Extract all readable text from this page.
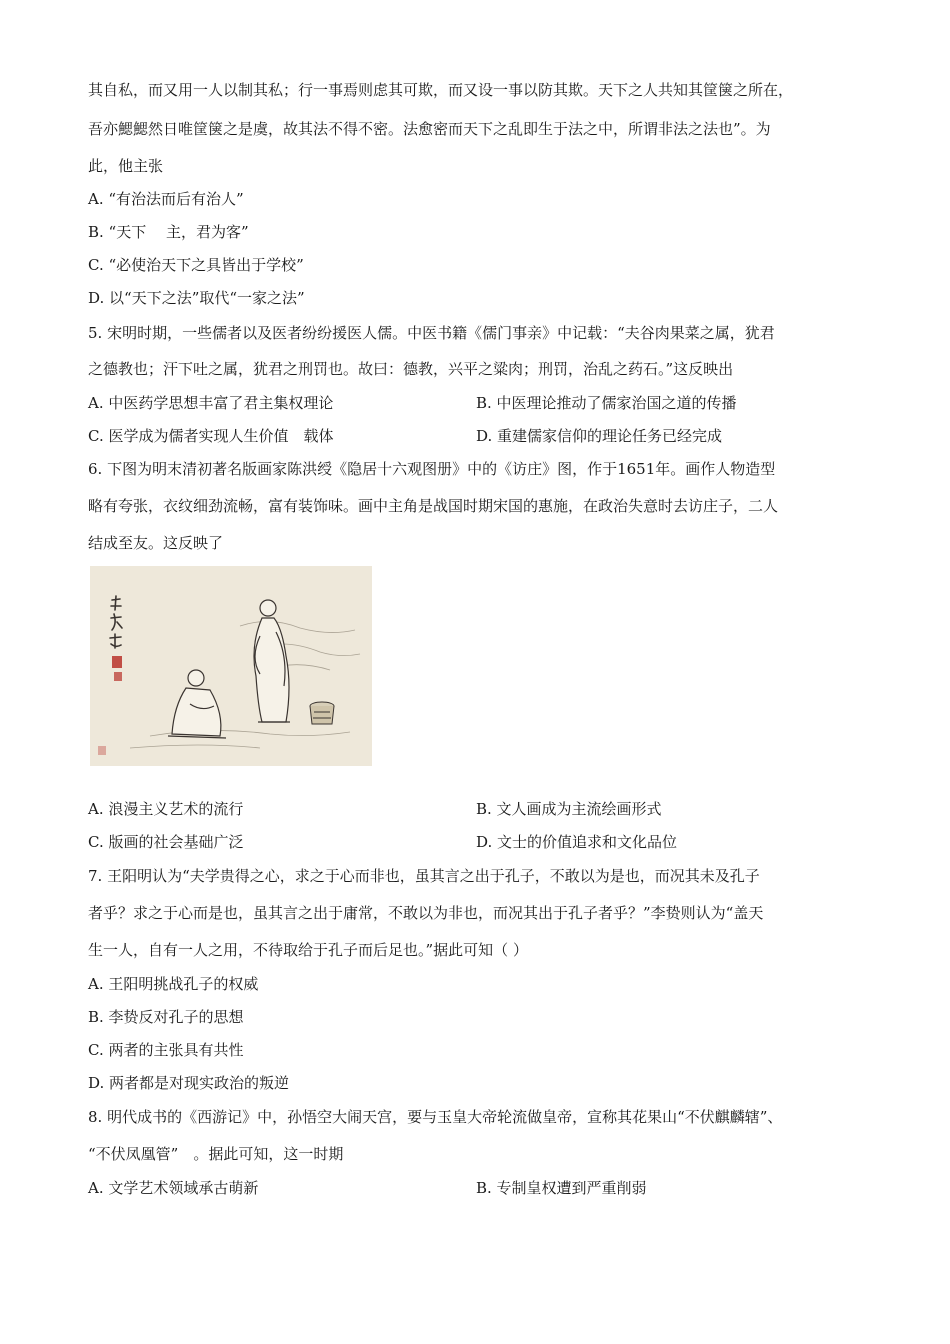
其自私，而又用一人以制其私；行一事焉则虑其可欺，而又设一事以防其欺。天下之人共知其筐箧之所在，
吾亦鰓鰓然日唯筐箧之是虞，故其法不得不密。法愈密而天下之乱即生于法之中，所谓非法之法也”。为
此，他主张
A. “有治法而后有治人”
B. “天下　 主，君为客”
C. “必使治天下之具皆出于学校”
D. 以“天下之法”取代“一家之法”
5. 宋明时期，一些儒者以及医者纷纷援医人儒。中医书籍《儒门事亲》中记载：“夫谷肉果菜之属，犹君
之德教也；汗下吐之属，犹君之刑罚也。故曰：德教，兴平之粱肉；刑罚，治乱之药石。”这反映出
A. 中医药学思想丰富了君主集权理论	B. 中医理论推动了儒家治国之道的传播
C. 医学成为儒者实现人生价值　载体	D. 重建儒家信仰的理论任务已经完成
6. 下图为明末清初著名版画家陈洪绶《隐居十六观图册》中的《访庄》图，作于1651年。画作人物造型
略有夸张，衣纹细劲流畅，富有装饰味。画中主角是战国时期宋国的惠施，在政治失意时去访庄子，二人
结成至友。这反映了
A. 浪漫主义艺术的流行	B. 文人画成为主流绘画形式
C. 版画的社会基础广泛	D. 文士的价值追求和文化品位
7. 王阳明认为“夫学贵得之心，求之于心而非也，虽其言之出于孔子，不敢以为是也，而况其未及孔子
者乎？求之于心而是也，虽其言之出于庸常，不敢以为非也，而况其出于孔子者乎？”李贽则认为“盖天
生一人，自有一人之用，不待取给于孔子而后足也。”据此可知（ ）
A. 王阳明挑战孔子的权威
B. 李贽反对孔子的思想
C. 两者的主张具有共性
D. 两者都是对现实政治的叛逆
8. 明代成书的《西游记》中，孙悟空大闹天宫，要与玉皇大帝轮流做皇帝，宣称其花果山“不伏麒麟辖”、
“不伏凤凰管”　。据此可知，这一时期
A. 文学艺术领域承古萌新	B. 专制皇权遭到严重削弱
